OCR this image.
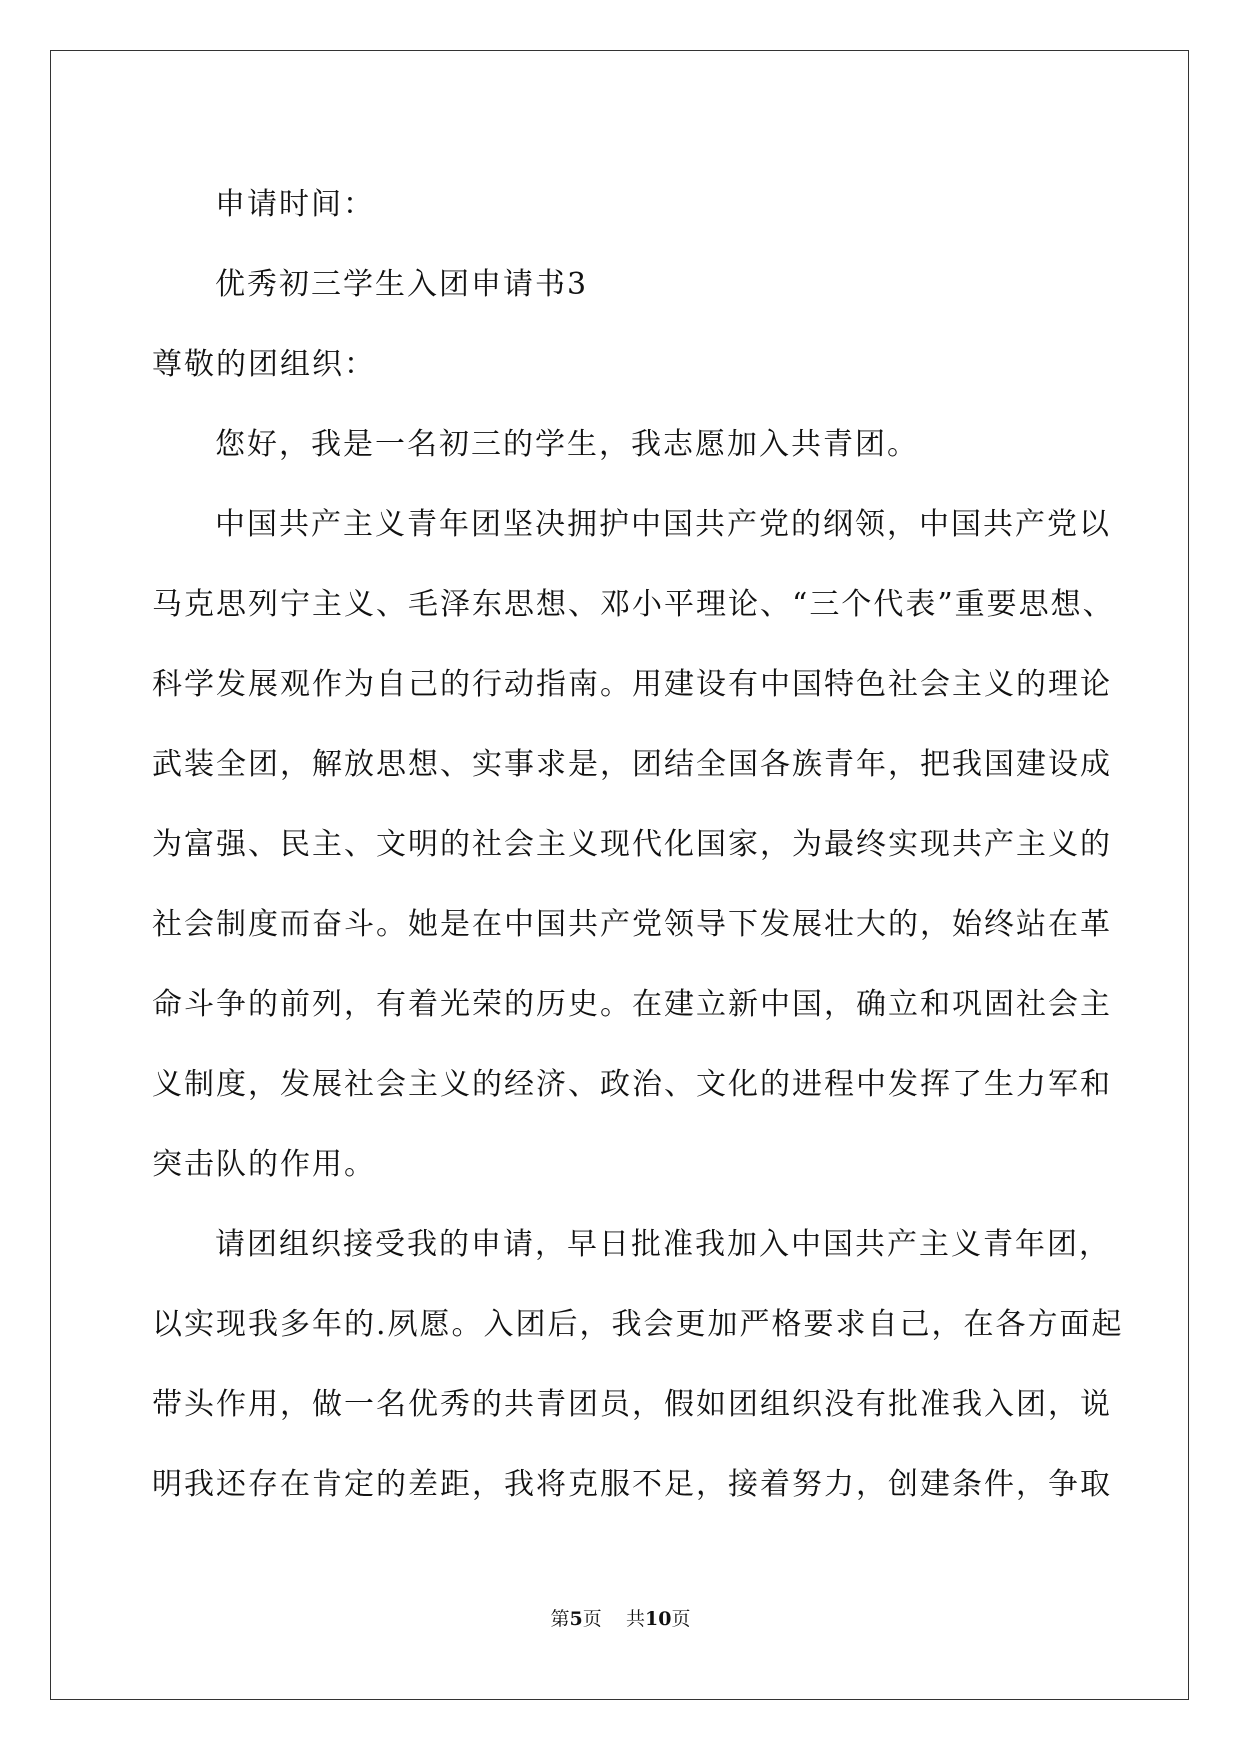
申请时间：
优秀初三学生入团申请书3
尊敬的团组织：
您好，我是一名初三的学生，我志愿加入共青团。
中国共产主义青年团坚决拥护中国共产党的纲领，中国共产党以
马克思列宁主义、毛泽东思想、邓小平理论、“三个代表”重要思想、
科学发展观作为自己的行动指南。用建设有中国特色社会主义的理论
武装全团，解放思想、实事求是，团结全国各族青年，把我国建设成
为富强、民主、文明的社会主义现代化国家，为最终实现共产主义的
社会制度而奋斗。她是在中国共产党领导下发展壮大的，始终站在革
命斗争的前列，有着光荣的历史。在建立新中国，确立和巩固社会主
义制度，发展社会主义的经济、政治、文化的进程中发挥了生力军和
突击队的作用。
请团组织接受我的申请，早日批准我加入中国共产主义青年团，
以实现我多年的.夙愿。入团后，我会更加严格要求自己，在各方面起
带头作用，做一名优秀的共青团员，假如团组织没有批准我入团，说
明我还存在肯定的差距，我将克服不足，接着努力，创建条件，争取
第5页 共10页
